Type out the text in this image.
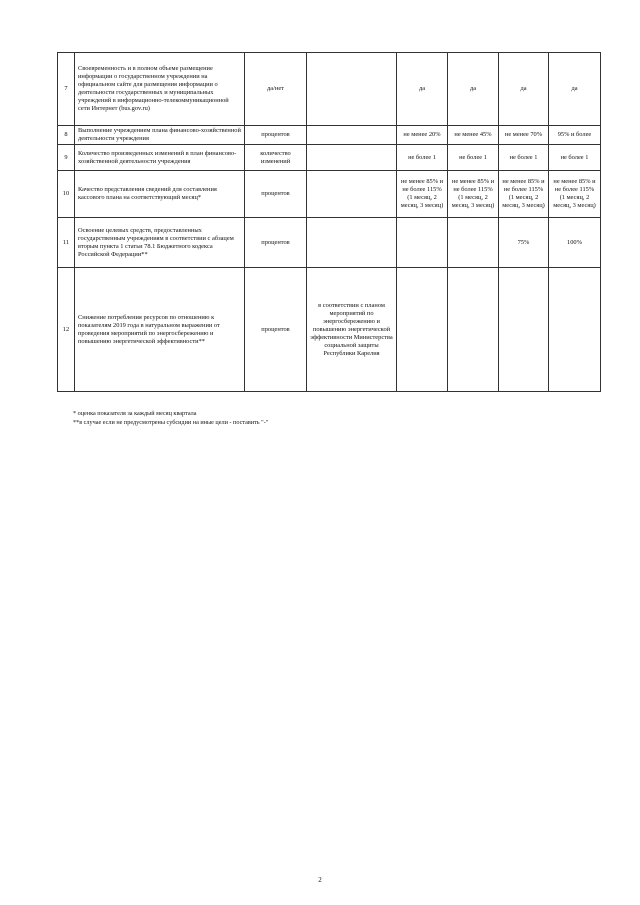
7	Своевременность и в полном объеме размещение информации о государственном учреждении на официальном сайте для размещения информации о деятельности государственных и муниципальных учреждений в информационно-телекоммуникационной сети Интернет (bus.gov.ru)	да/нет		да	да	да	да
8	Выполнение учреждением плана финансово-хозяйственной деятельности учреждения	процентов		не менее 20%	не менее 45%	не менее 70%	95% и более
9	Количество произведенных изменений в план финансово-хозяйственной деятельности учреждения	количество изменений		не более 1	не более 1	не более 1	не более 1
10	Качество представления сведений для составления кассового плана на соответствующий месяц*	процентов		не менее 85% и не более 115% (1 месяц, 2 месяц, 3 месяц)	не менее 85% и не более 115% (1 месяц, 2 месяц, 3 месяц)	не менее 85% и не более 115% (1 месяц, 2 месяц, 3 месяц)	не менее 85% и не более 115% (1 месяц, 2 месяц, 3 месяц)
11	Освоение целевых средств, предоставленных государственным учреждениям в соответствии с абзацем вторым пункта 1 статьи 78.1 Бюджетного кодекса Российской Федерации**	процентов				75%	100%
12	Снижение потребления ресурсов по отношению к показателям 2019 года в натуральном выражении от проведения мероприятий по энергосбережению и повышению энергетической эффективности**	процентов	в соответствии с планом мероприятий по энергосбережению и повышению энергетической эффективности Министерства социальной защиты Республики Карелия				

* оценка показателя за каждый месяц квартала

**в случае если не предусмотрены субсидии на иные цели - поставить "-"

2
